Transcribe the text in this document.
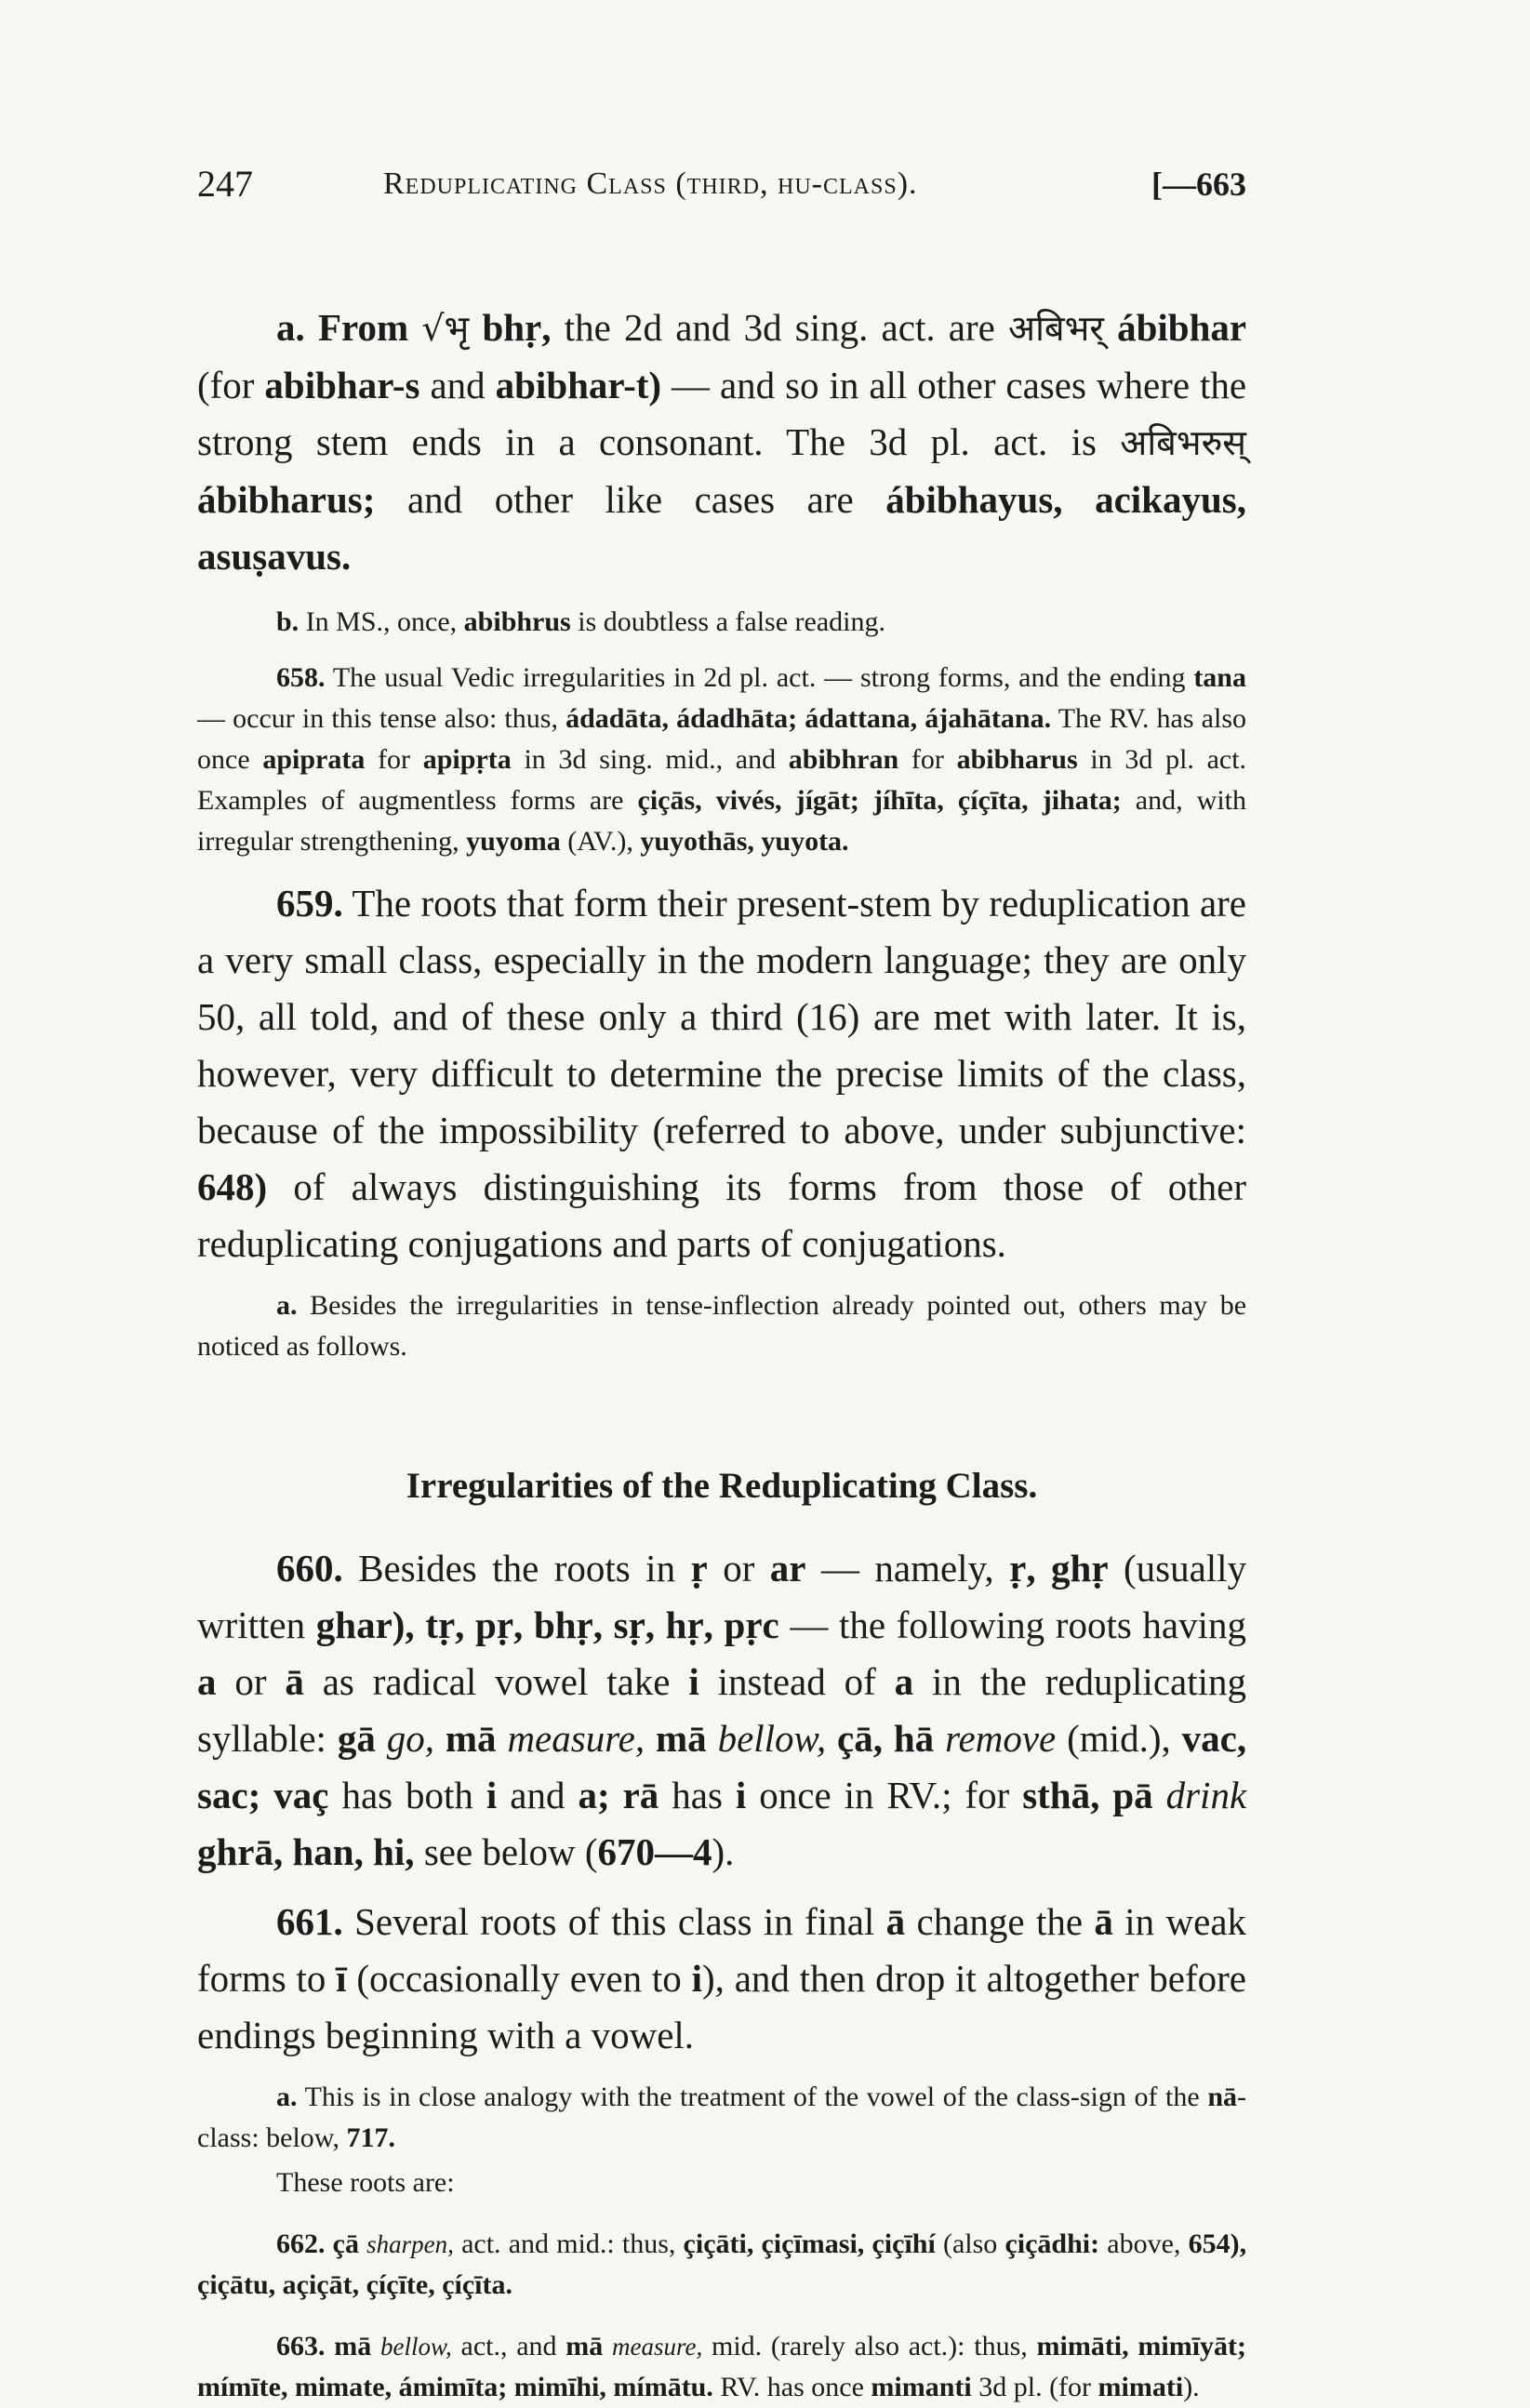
247	Reduplicating Class (third, hu-class).	[—663

a. From √भृ bhṛ, the 2d and 3d sing. act. are अबिभर् ábibhar (for abibhar-s and abibhar-t) — and so in all other cases where the strong stem ends in a consonant. The 3d pl. act. is अबिभरुस् ábibharus; and other like cases are ábibhayus, acikayus, asuṣavus.

b. In MS., once, abibhrus is doubtless a false reading.

658. The usual Vedic irregularities in 2d pl. act. — strong forms, and the ending tana — occur in this tense also: thus, ádadāta, ádadhāta; ádattana, ájahātana. The RV. has also once apiprata for apipṛta in 3d sing. mid., and abibhran for abibharus in 3d pl. act. Examples of augmentless forms are çiçās, vivés, jígāt; jíhīta, çíçīta, jihata; and, with irregular strengthening, yuyoma (AV.), yuyothās, yuyota.

659. The roots that form their present-stem by reduplication are a very small class, especially in the modern language; they are only 50, all told, and of these only a third (16) are met with later. It is, however, very difficult to determine the precise limits of the class, because of the impossibility (referred to above, under subjunctive: 648) of always distinguishing its forms from those of other reduplicating conjugations and parts of conjugations.

a. Besides the irregularities in tense-inflection already pointed out, others may be noticed as follows.

Irregularities of the Reduplicating Class.

660. Besides the roots in ṛ or ar — namely, ṛ, ghṛ (usually written ghar), tṛ, pṛ, bhṛ, sṛ, hṛ, pṛc — the following roots having a or ā as radical vowel take i instead of a in the reduplicating syllable: gā go, mā measure, mā bellow, çā, hā remove (mid.), vac, sac; vaç has both i and a; rā has i once in RV.; for sthā, pā drink ghrā, han, hi, see below (670—4).

661. Several roots of this class in final ā change the ā in weak forms to ī (occasionally even to i), and then drop it altogether before endings beginning with a vowel.

a. This is in close analogy with the treatment of the vowel of the class-sign of the nā-class: below, 717.

These roots are:

662. çā sharpen, act. and mid.: thus, çiçāti, çiçīmasi, çiçīhí (also çiçādhi: above, 654), çiçātu, açiçāt, çíçīte, çíçīta.

663. mā bellow, act., and mā measure, mid. (rarely also act.): thus, mimāti, mimīyāt; mímīte, mimate, ámimīta; mimīhi, mímātu. RV. has once mimanti 3d pl. (for mimati).
